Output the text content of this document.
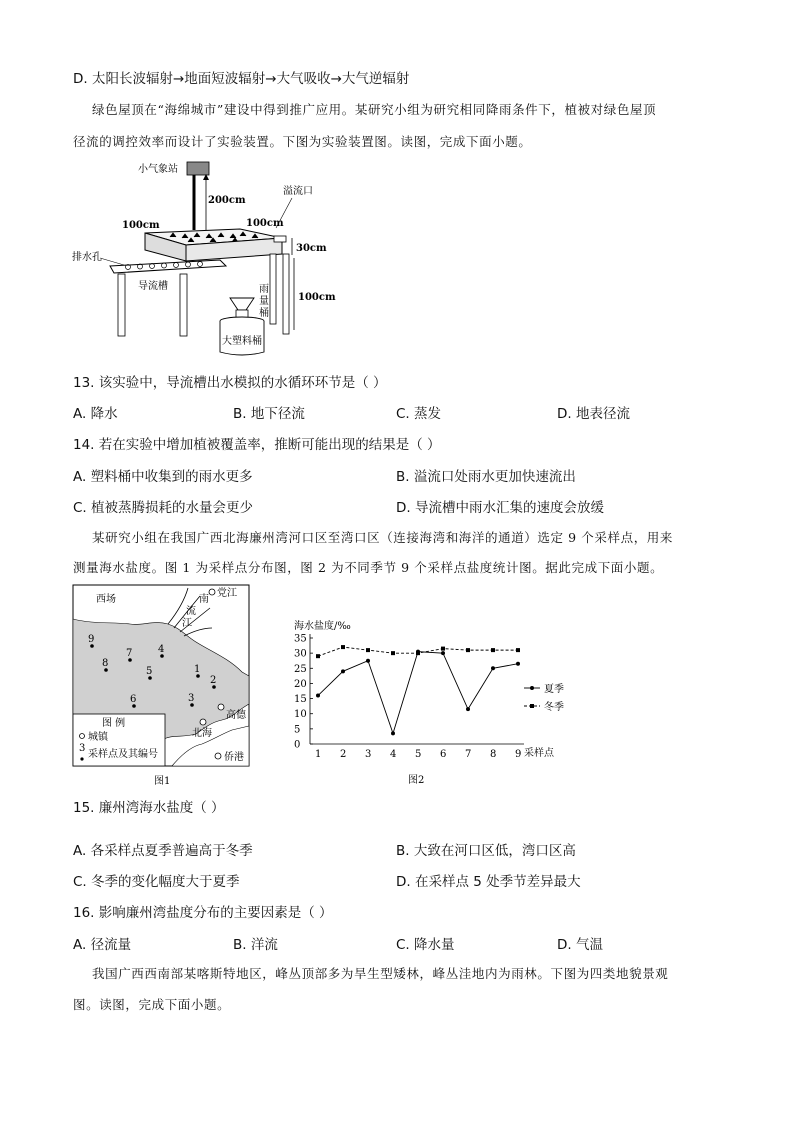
D. 太阳长波辐射→地面短波辐射→大气吸收→大气逆辐射
绿色屋顶在“海绵城市”建设中得到推广应用。某研究小组为研究相同降雨条件下，植被对绿色屋顶
径流的调控效率而设计了实验装置。下图为实验装置图。读图，完成下面小题。
小气象站
200cm
溢流口
100cm	100cm
30cm
排水孔
导流槽
100cm
雨
量
桶
大塑料桶
13. 该实验中，导流槽出水模拟的水循环环节是（ ）
A. 降水	B. 地下径流	C. 蒸发	D. 地表径流
14. 若在实验中增加植被覆盖率，推断可能出现的结果是（ ）
A. 塑料桶中收集到的雨水更多	B. 溢流口处雨水更加快速流出
C. 植被蒸腾损耗的水量会更少	D. 导流槽中雨水汇集的速度会放缓
某研究小组在我国广西北海廉州湾河口区至湾口区（连接海湾和海洋的通道）选定 9 个采样点，用来
测量海水盐度。图 1 为采样点分布图，图 2 为不同季节 9 个采样点盐度统计图。据此完成下面小题。
西场	南
流
江
党江
高德
北海
侨港
1
2
3
4
5
6
7
8
9
图 例
城镇
3
采样点及其编号
图1
海水盐度/‰
0
5
10
15
20
25
30
35
1 2 3 4 5 6 7 8 9
夏季
冬季
采样点
图2
15. 廉州湾海水盐度（ ）
A. 各采样点夏季普遍高于冬季	B. 大致在河口区低，湾口区高
C. 冬季的变化幅度大于夏季	D. 在采样点 5 处季节差异最大
16. 影响廉州湾盐度分布的主要因素是（ ）
A. 径流量	B. 洋流	C. 降水量	D. 气温
我国广西西南部某喀斯特地区，峰丛顶部多为旱生型矮林，峰丛洼地内为雨林。下图为四类地貌景观
图。读图，完成下面小题。
